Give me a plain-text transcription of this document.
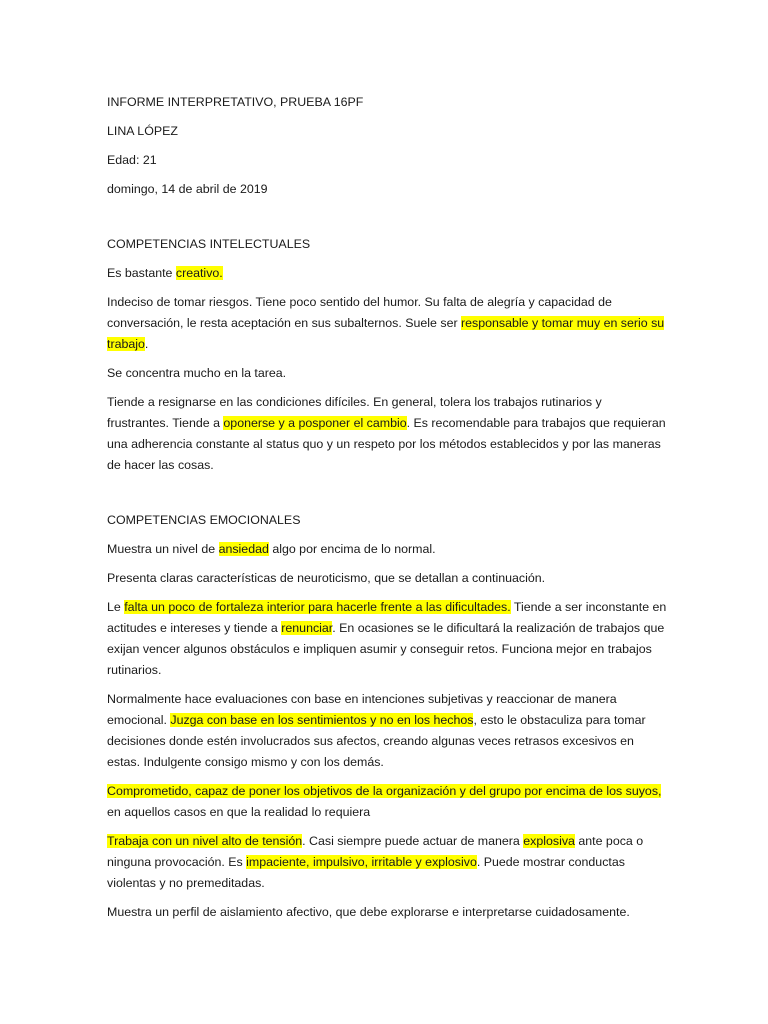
INFORME INTERPRETATIVO, PRUEBA 16PF

LINA LÓPEZ

Edad: 21

domingo, 14 de abril de 2019

COMPETENCIAS INTELECTUALES

Es bastante creativo.

Indeciso de tomar riesgos. Tiene poco sentido del humor. Su falta de alegría y capacidad de conversación, le resta aceptación en sus subalternos. Suele ser responsable y tomar muy en serio su trabajo.

Se concentra mucho en la tarea.

Tiende a resignarse en las condiciones difíciles. En general, tolera los trabajos rutinarios y frustrantes. Tiende a oponerse y a posponer el cambio. Es recomendable para trabajos que requieran una adherencia constante al status quo y un respeto por los métodos establecidos y por las maneras de hacer las cosas.

COMPETENCIAS EMOCIONALES

Muestra un nivel de ansiedad algo por encima de lo normal.

Presenta claras características de neuroticismo, que se detallan a continuación.

Le falta un poco de fortaleza interior para hacerle frente a las dificultades. Tiende a ser inconstante en actitudes e intereses y tiende a renunciar. En ocasiones se le dificultará la realización de trabajos que exijan vencer algunos obstáculos e impliquen asumir y conseguir retos. Funciona mejor en trabajos rutinarios.

Normalmente hace evaluaciones con base en intenciones subjetivas y reaccionar de manera emocional. Juzga con base en los sentimientos y no en los hechos, esto le obstaculiza para tomar decisiones donde estén involucrados sus afectos, creando algunas veces retrasos excesivos en estas. Indulgente consigo mismo y con los demás.

Comprometido, capaz de poner los objetivos de la organización y del grupo por encima de los suyos, en aquellos casos en que la realidad lo requiera

Trabaja con un nivel alto de tensión. Casi siempre puede actuar de manera explosiva ante poca o ninguna provocación. Es impaciente, impulsivo, irritable y explosivo. Puede mostrar conductas violentas y no premeditadas.

Muestra un perfil de aislamiento afectivo, que debe explorarse e interpretarse cuidadosamente.
